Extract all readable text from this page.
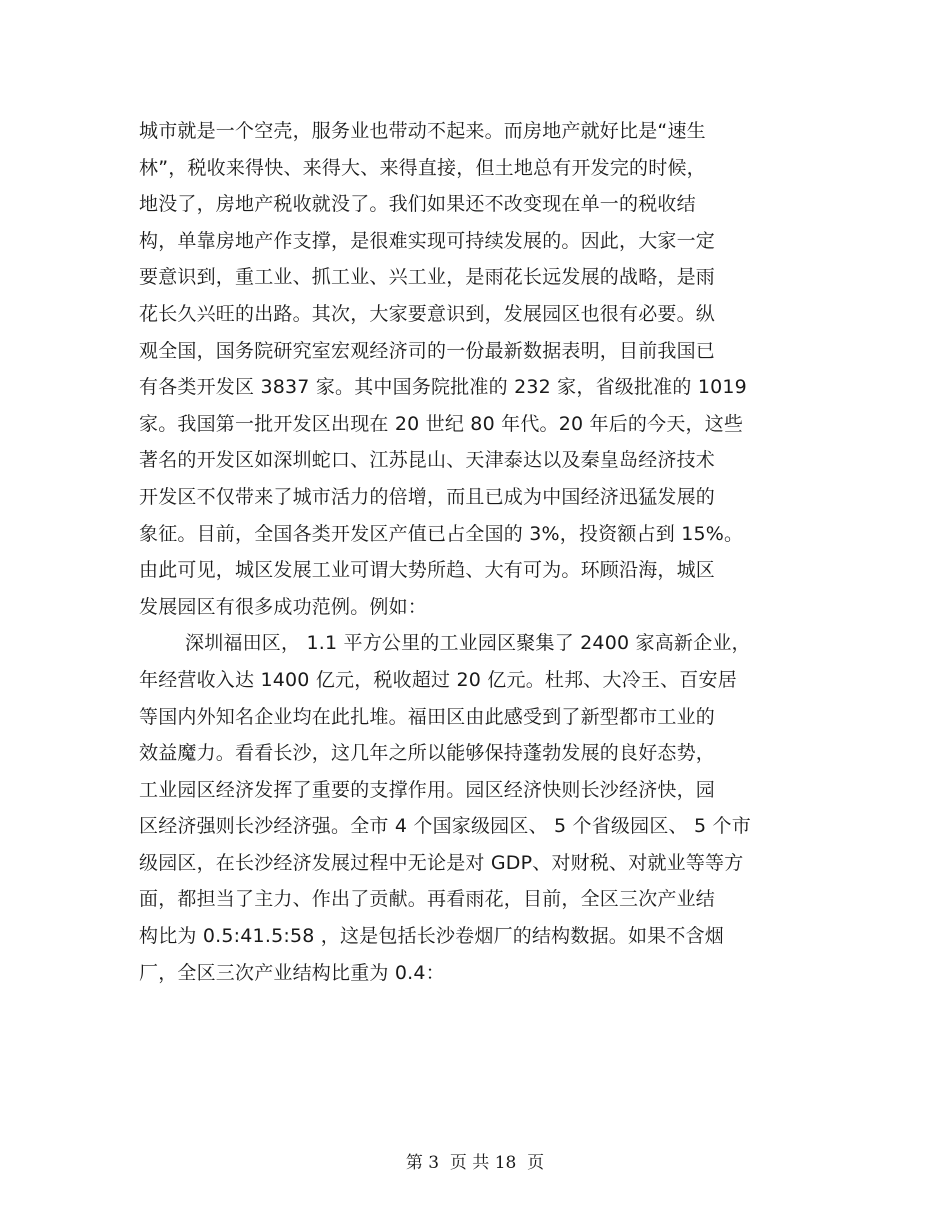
城市就是一个空壳，服务业也带动不起来。而房地产就好比是“速生
林”，税收来得快、来得大、来得直接，但土地总有开发完的时候，
地没了，房地产税收就没了。我们如果还不改变现在单一的税收结
构，单靠房地产作支撑，是很难实现可持续发展的。因此，大家一定
要意识到，重工业、抓工业、兴工业，是雨花长远发展的战略，是雨
花长久兴旺的出路。其次，大家要意识到，发展园区也很有必要。纵
观全国，国务院研究室宏观经济司的一份最新数据表明，目前我国已
有各类开发区 3837 家。其中国务院批准的 232 家，省级批准的 1019
家。我国第一批开发区出现在 20 世纪 80 年代。20 年后的今天，这些
著名的开发区如深圳蛇口、江苏昆山、天津泰达以及秦皇岛经济技术
开发区不仅带来了城市活力的倍增，而且已成为中国经济迅猛发展的
象征。目前，全国各类开发区产值已占全国的 3%，投资额占到 15%。
由此可见，城区发展工业可谓大势所趋、大有可为。环顾沿海，城区
发展园区有很多成功范例。例如：
深圳福田区， 1.1 平方公里的工业园区聚集了 2400 家高新企业，
年经营收入达 1400 亿元，税收超过 20 亿元。杜邦、大冷王、百安居
等国内外知名企业均在此扎堆。福田区由此感受到了新型都市工业的
效益魔力。看看长沙，这几年之所以能够保持蓬勃发展的良好态势，
工业园区经济发挥了重要的支撑作用。园区经济快则长沙经济快，园
区经济强则长沙经济强。全市 4 个国家级园区、 5 个省级园区、 5 个市
级园区，在长沙经济发展过程中无论是对 GDP、对财税、对就业等等方
面，都担当了主力、作出了贡献。再看雨花，目前，全区三次产业结
构比为 0.5:41.5:58 ，这是包括长沙卷烟厂的结构数据。如果不含烟
厂，全区三次产业结构比重为 0.4：
第 3  页 共 18  页
